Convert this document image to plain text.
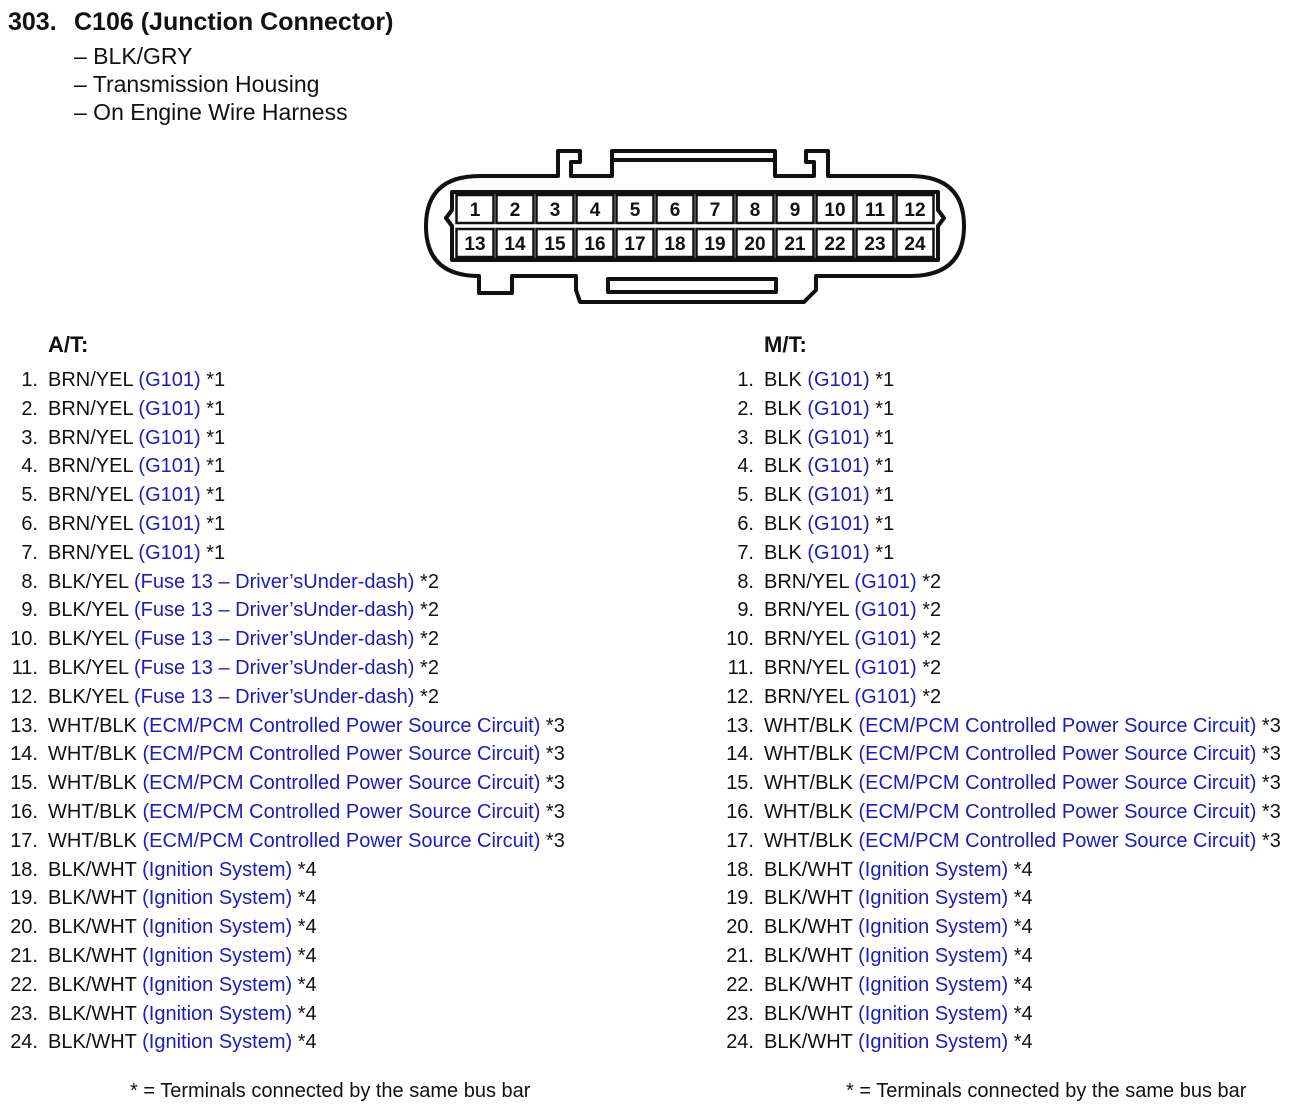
303. C106 (Junction Connector)
– BLK/GRY
– Transmission Housing
– On Engine Wire Harness
1 2 3 4 5 6 7 8 9 10 11 12
13 14 15 16 17 18 19 20 21 22 23 24
A/T:
1. BRN/YEL (G101) *1
2. BRN/YEL (G101) *1
3. BRN/YEL (G101) *1
4. BRN/YEL (G101) *1
5. BRN/YEL (G101) *1
6. BRN/YEL (G101) *1
7. BRN/YEL (G101) *1
8. BLK/YEL (Fuse 13 – Driver’sUnder-dash) *2
9. BLK/YEL (Fuse 13 – Driver’sUnder-dash) *2
10. BLK/YEL (Fuse 13 – Driver’sUnder-dash) *2
11. BLK/YEL (Fuse 13 – Driver’sUnder-dash) *2
12. BLK/YEL (Fuse 13 – Driver’sUnder-dash) *2
13. WHT/BLK (ECM/PCM Controlled Power Source Circuit) *3
14. WHT/BLK (ECM/PCM Controlled Power Source Circuit) *3
15. WHT/BLK (ECM/PCM Controlled Power Source Circuit) *3
16. WHT/BLK (ECM/PCM Controlled Power Source Circuit) *3
17. WHT/BLK (ECM/PCM Controlled Power Source Circuit) *3
18. BLK/WHT (Ignition System) *4
19. BLK/WHT (Ignition System) *4
20. BLK/WHT (Ignition System) *4
21. BLK/WHT (Ignition System) *4
22. BLK/WHT (Ignition System) *4
23. BLK/WHT (Ignition System) *4
24. BLK/WHT (Ignition System) *4
M/T:
1. BLK (G101) *1
2. BLK (G101) *1
3. BLK (G101) *1
4. BLK (G101) *1
5. BLK (G101) *1
6. BLK (G101) *1
7. BLK (G101) *1
8. BRN/YEL (G101) *2
9. BRN/YEL (G101) *2
10. BRN/YEL (G101) *2
11. BRN/YEL (G101) *2
12. BRN/YEL (G101) *2
13. WHT/BLK (ECM/PCM Controlled Power Source Circuit) *3
14. WHT/BLK (ECM/PCM Controlled Power Source Circuit) *3
15. WHT/BLK (ECM/PCM Controlled Power Source Circuit) *3
16. WHT/BLK (ECM/PCM Controlled Power Source Circuit) *3
17. WHT/BLK (ECM/PCM Controlled Power Source Circuit) *3
18. BLK/WHT (Ignition System) *4
19. BLK/WHT (Ignition System) *4
20. BLK/WHT (Ignition System) *4
21. BLK/WHT (Ignition System) *4
22. BLK/WHT (Ignition System) *4
23. BLK/WHT (Ignition System) *4
24. BLK/WHT (Ignition System) *4
* = Terminals connected by the same bus bar	* = Terminals connected by the same bus bar
